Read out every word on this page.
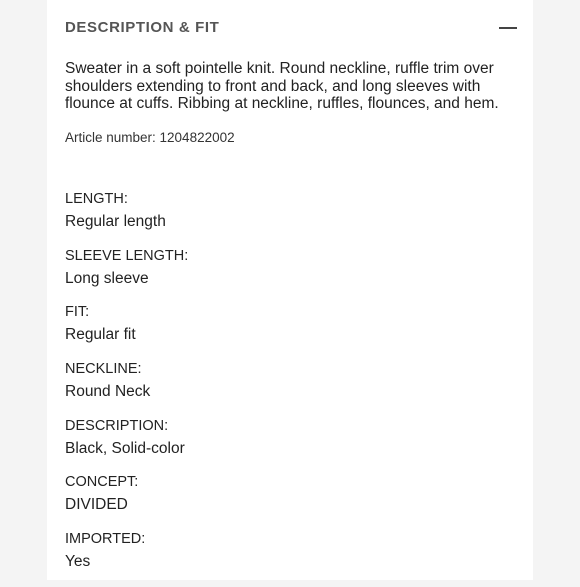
DESCRIPTION & FIT
Sweater in a soft pointelle knit. Round neckline, ruffle trim over shoulders extending to front and back, and long sleeves with flounce at cuffs. Ribbing at neckline, ruffles, flounces, and hem.
Article number: 1204822002
LENGTH:
Regular length
SLEEVE LENGTH:
Long sleeve
FIT:
Regular fit
NECKLINE:
Round Neck
DESCRIPTION:
Black, Solid-color
CONCEPT:
DIVIDED
IMPORTED:
Yes
